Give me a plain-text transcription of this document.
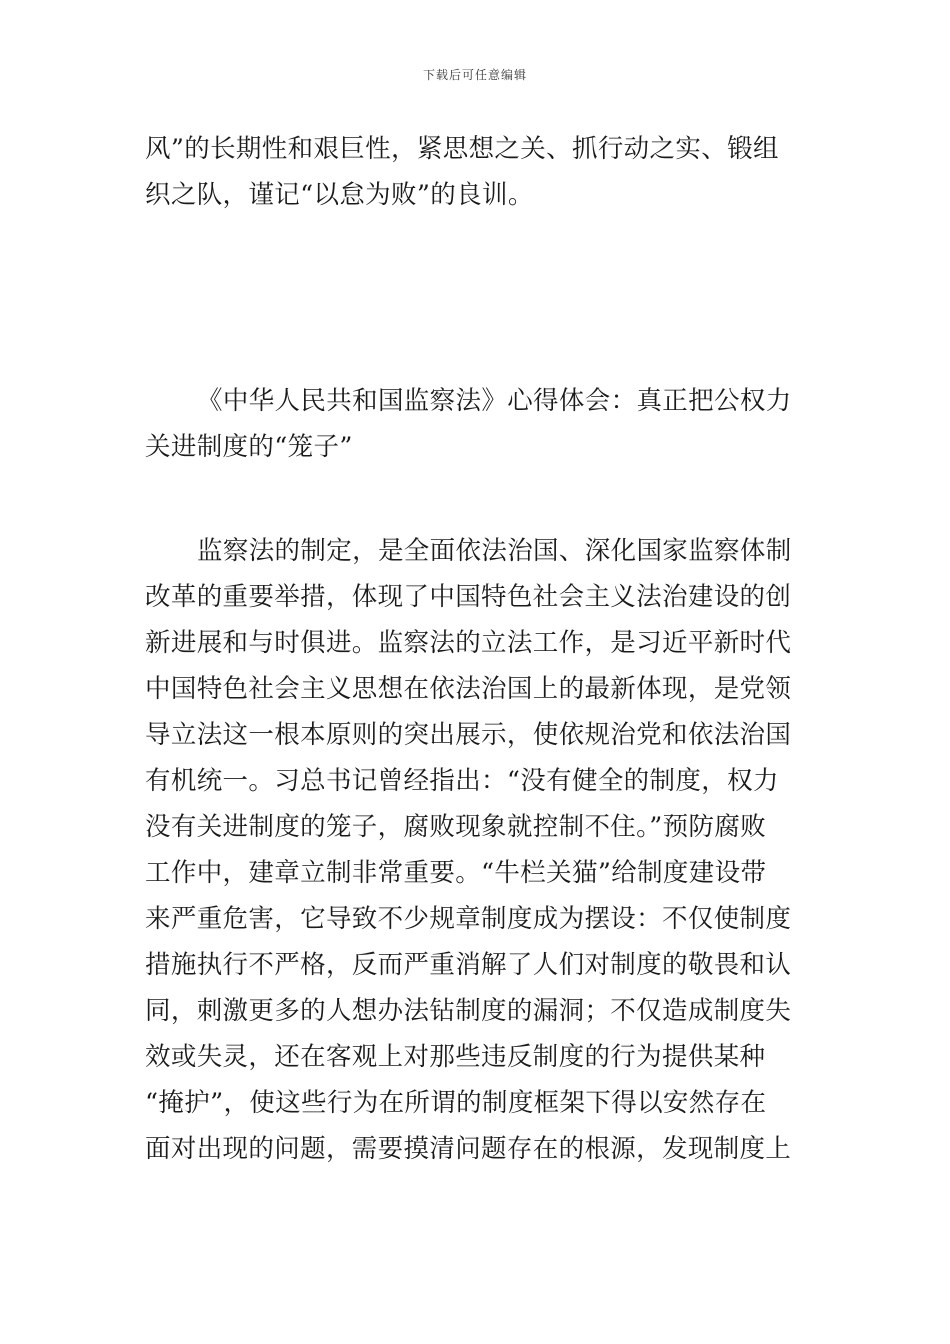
下载后可任意编辑
风”的长期性和艰巨性，紧思想之关、抓行动之实、锻组
织之队，谨记“以怠为败”的良训。
《中华人民共和国监察法》心得体会：真正把公权力
关进制度的“笼子”
监察法的制定，是全面依法治国、深化国家监察体制
改革的重要举措，体现了中国特色社会主义法治建设的创
新进展和与时俱进。监察法的立法工作，是习近平新时代
中国特色社会主义思想在依法治国上的最新体现，是党领
导立法这一根本原则的突出展示，使依规治党和依法治国
有机统一。习总书记曾经指出：“没有健全的制度，权力
没有关进制度的笼子，腐败现象就控制不住。”预防腐败
工作中，建章立制非常重要。“牛栏关猫”给制度建设带
来严重危害，它导致不少规章制度成为摆设：不仅使制度
措施执行不严格，反而严重消解了人们对制度的敬畏和认
同，刺激更多的人想办法钻制度的漏洞；不仅造成制度失
效或失灵，还在客观上对那些违反制度的行为提供某种
“掩护”，使这些行为在所谓的制度框架下得以安然存在
面对出现的问题，需要摸清问题存在的根源，发现制度上
